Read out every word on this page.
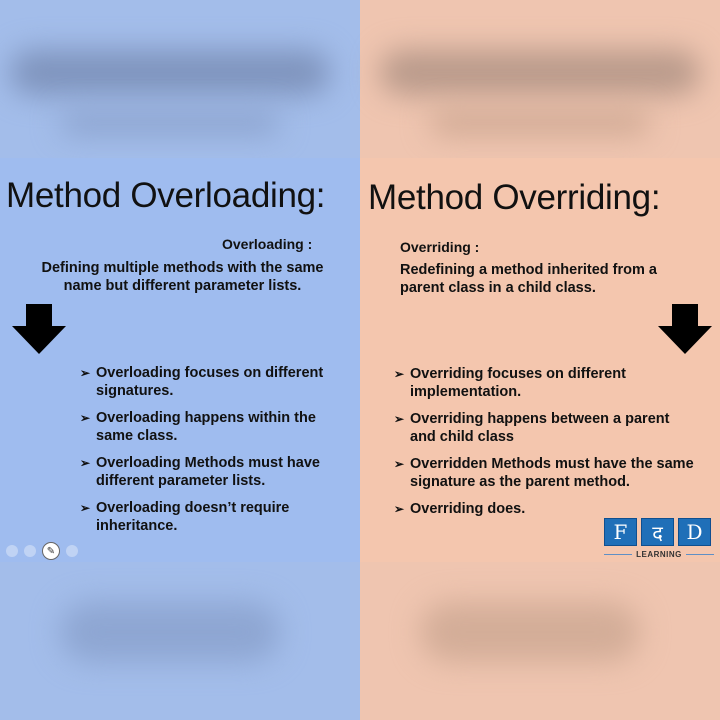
Method Overloading:
Overloading :

Defining multiple methods with the same name but different parameter lists.

➢ Overloading focuses on different signatures.
➢ Overloading happens within the same class.
➢ Overloading Methods must have different parameter lists.
➢ Overloading doesn’t require inheritance.
✎
Method Overriding:
Overriding :

Redefining a method inherited from a parent class in a child class.

➢ Overriding focuses on different implementation.
➢ Overriding happens between a parent and child class
➢ Overridden Methods must have the same signature as the parent method.
➢ Overriding does.
F	द	D
LEARNING
